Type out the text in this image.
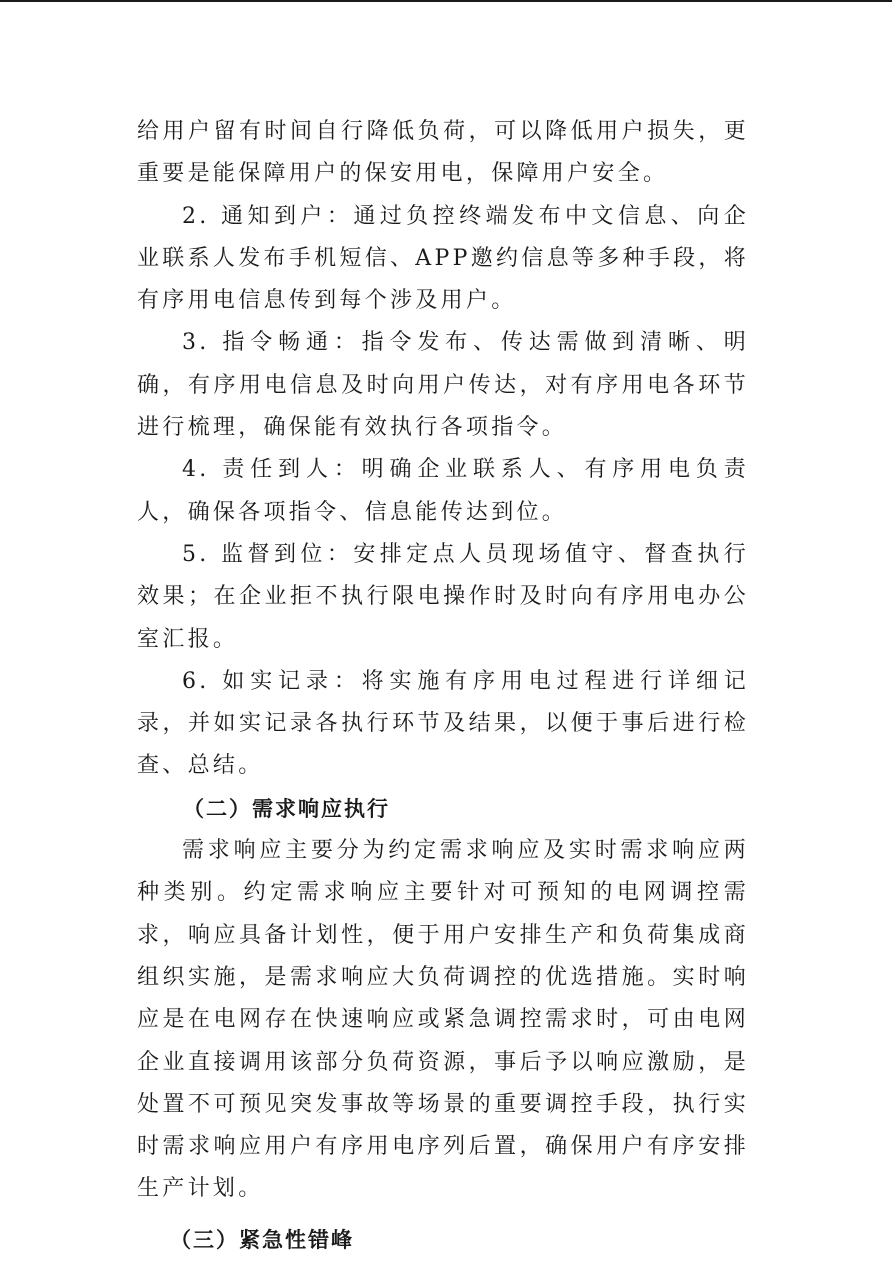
给用户留有时间自行降低负荷，可以降低用户损失，更重要是能保障用户的保安用电，保障用户安全。

2. 通知到户：通过负控终端发布中文信息、向企业联系人发布手机短信、APP邀约信息等多种手段，将有序用电信息传到每个涉及用户。

3. 指令畅通：指令发布、传达需做到清晰、明确，有序用电信息及时向用户传达，对有序用电各环节进行梳理，确保能有效执行各项指令。

4. 责任到人：明确企业联系人、有序用电负责人，确保各项指令、信息能传达到位。

5. 监督到位：安排定点人员现场值守、督查执行效果；在企业拒不执行限电操作时及时向有序用电办公室汇报。

6. 如实记录：将实施有序用电过程进行详细记录，并如实记录各执行环节及结果，以便于事后进行检查、总结。

（二）需求响应执行

需求响应主要分为约定需求响应及实时需求响应两种类别。约定需求响应主要针对可预知的电网调控需求，响应具备计划性，便于用户安排生产和负荷集成商组织实施，是需求响应大负荷调控的优选措施。实时响应是在电网存在快速响应或紧急调控需求时，可由电网企业直接调用该部分负荷资源，事后予以响应激励，是处置不可预见突发事故等场景的重要调控手段，执行实时需求响应用户有序用电序列后置，确保用户有序安排生产计划。

（三）紧急性错峰
